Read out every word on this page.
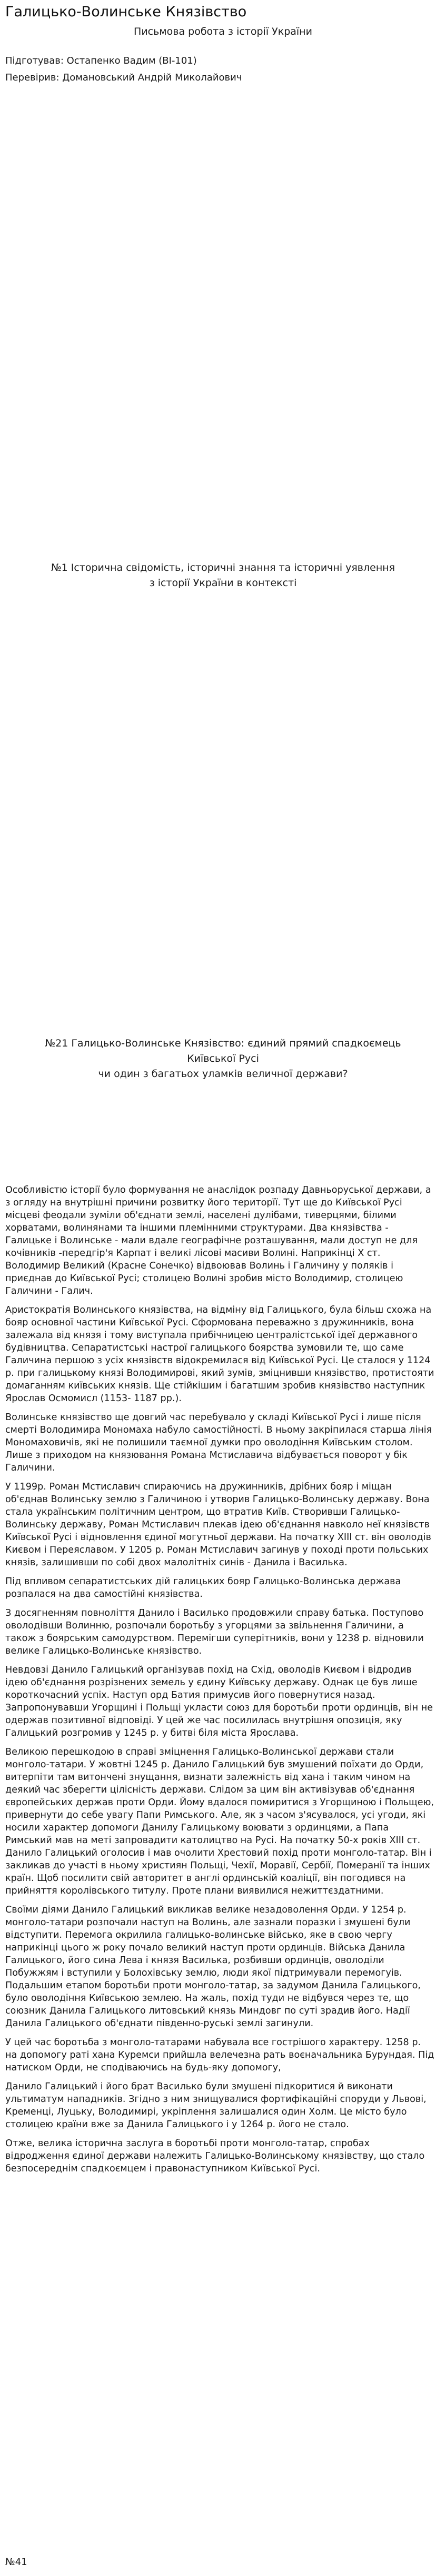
Галицько-Волинське Князівство
Письмова робота з історії України
Підготував: Остапенко Вадим (ВІ-101)
Перевірив: Домановський Андрій Миколайович
№1 Історична свідомість, історичні знання та історичні уявлення
з історії України в контексті
№21 Галицько-Волинське Князівство: єдиний прямий спадкоємець Київської Русі
чи один з багатьох уламків величної держави?

Особливістю історії було формування не анаслідок розпаду Давньоруської держави, а з огляду на внутрішні причини розвитку його територїї. Тут ще до Київської Русі місцеві феодали зуміли об'єднати землі, населені дулібами, тиверцями, білими хорватами, волинянами та іншими племінними структурами. Два князівства - Галицьке і Волинське - мали вдале географічне розташування, мали доступ не для кочівників -передгір'я Карпат і великі лісові масиви Волині. Наприкінці X ст. Володимир Великий (Красне Сонечко) відвоював Волинь і Галичину у поляків і приєднав до Київської Русі; столицею Волині зробив місто Володимир, столицею Галичини - Галич.

Аристократія Волинського князівства, на відміну від Галицького, була більш схожа на бояр основної частини Київської Русі. Сформована переважно з дружинників, вона залежала від князя і тому виступала прибічницею централістської ідеї державного будівництва. Сепаратистські настрої галицького боярства зумовили те, що саме Галичина першою з усіх князівств відокремилася від Київської Русі. Це сталося у 1124 р. при галицькому князі Володимирові, який зумів, зміцнивши князівство, протистояти домаганням київських князів. Ще стійкішим і багатшим зробив князівство наступник Ярослав Осмомисл (1153- 1187 рр.).

Волинське князівство ще довгий час перебувало у складі Київської Русі і лише після смерті Володимира Мономаха набуло самостійності. В ньому закріпилася старша лінія Мономаховичів, які не полишили таємної думки про оволодіння Київським столом. Лише з приходом на князювання Романа Мстиславича відбувається поворот у бік Галичини.

У 1199р. Роман Мстиславич спираючись на дружинників, дрібних бояр і міщан об'єднав Волинську землю з Галичиною і утворив Галицько-Волинську державу. Вона стала українським політичним центром, що втратив Київ. Створивши Галицько-Волинську державу, Роман Мстиславич плекав ідею об'єднання навколо неї князівств Київської Русі і відновлення єдиної могутньої держави. На початку XIII ст. він оволодів Києвом і Переяславом. У 1205 р. Роман Мстиславич загинув у поході проти польських князів, залишивши по собі двох малолітніх синів - Данила і Василька.

Під впливом сепаратистських дій галицьких бояр Галицько-Волинська держава розпалася на два самостійні князівства.

З досягненням повноліття Данило і Василько продовжили справу батька. Поступово оволодівши Волинню, розпочали боротьбу з угорцями за звільнення Галичини, а також з боярським самодурством. Перемігши суперітників, вони у 1238 р. відновили велике Галицько-Волинське князівство.

Невдовзі Данило Галицький організував похід на Схід, оволодів Києвом і відродив ідею об'єднання розрізнених земель у єдину Київську державу. Однак це був лише короткочасний успіх. Наступ орд Батия примусив його повернутися назад. Запропонувавши Угорщині і Польщі укласти союз для боротьби проти ординців, він не одержав позитивної відповіді. У цей же час посилилась внутрішня опозиція, яку Галицький розгромив у 1245 р. у битві біля міста Ярослава.

Великою перешкодою в справі зміцнення Галицько-Волинської держави стали монголо-татари. У жовтні 1245 р. Данило Галицький був змушений поїхати до Орди, витерпіти там витончені знущання, визнати залежність від хана і таким чином на деякий час зберегти цілісність держави. Слідом за цим він активізував об'єднання європейських держав проти Орди. Йому вдалося помиритися з Угорщиною і Польщею, привернути до себе увагу Папи Римського. Але, як з часом з'ясувалося, усі угоди, які носили характер допомоги Данилу Галицькому воювати з ординцями, а Папа Римський мав на меті запровадити католицтво на Русі. На початку 50-х років XIII ст. Данило Галицький оголосив і мав очолити Хрестовий похід проти монголо-татар. Він і закликав до участі в ньому християн Польщі, Чехії, Моравії, Сербії, Померанії та інших країн. Щоб посилити свій авторитет в англі ординській коаліції, він погодився на прийняття королівського титулу. Проте плани виявилися нежиттєздатними.

Своїми діями Данило Галицький викликав велике незадоволення Орди. У 1254 р. монголо-татари розпочали наступ на Волинь, але зазнали поразки і змушені були відступити. Перемога окрилила галицько-волинське військо, яке в свою чергу наприкінці цього ж року почало великий наступ проти ординців. Війська Данила Галицького, його сина Лева і князя Василька, розбивши ординців, оволоділи Побужжям і вступили у Болохівську землю, люди якої підтримували перемогуів. Подальшим етапом боротьби проти монголо-татар, за задумом Данила Галицького, було оволодіння Київською землею. На жаль, похід туди не відбувся через те, що союзник Данила Галицького литовський князь Миндовг по суті зрадив його. Надії Данила Галицького об'єднати південно-руські землі загинули.

У цей час боротьба з монголо-татарами набувала все гострішого характеру. 1258 р. на допомогу раті хана Куремси прийшла велечезна рать воєначальника Бурундая. Під натиском Орди, не сподіваючись на будь-яку допомогу,

Данило Галицький і його брат Василько були змушені підкоритися й виконати ультиматум нападників. Згідно з ним знищувалися фортифікаційні споруди у Львові, Кременці, Луцьку, Володимирі, укріплення залишалися один Холм. Це місто було столицею країни вже за Данила Галицького і у 1264 р. його не стало.

Отже, велика історична заслуга в боротьбі проти монголо-татар, спробах відродження єдиної держави належить Галицько-Волинському князівству, що стало безпосереднім спадкоємцем і правонаступником Київської Русі.

№41
